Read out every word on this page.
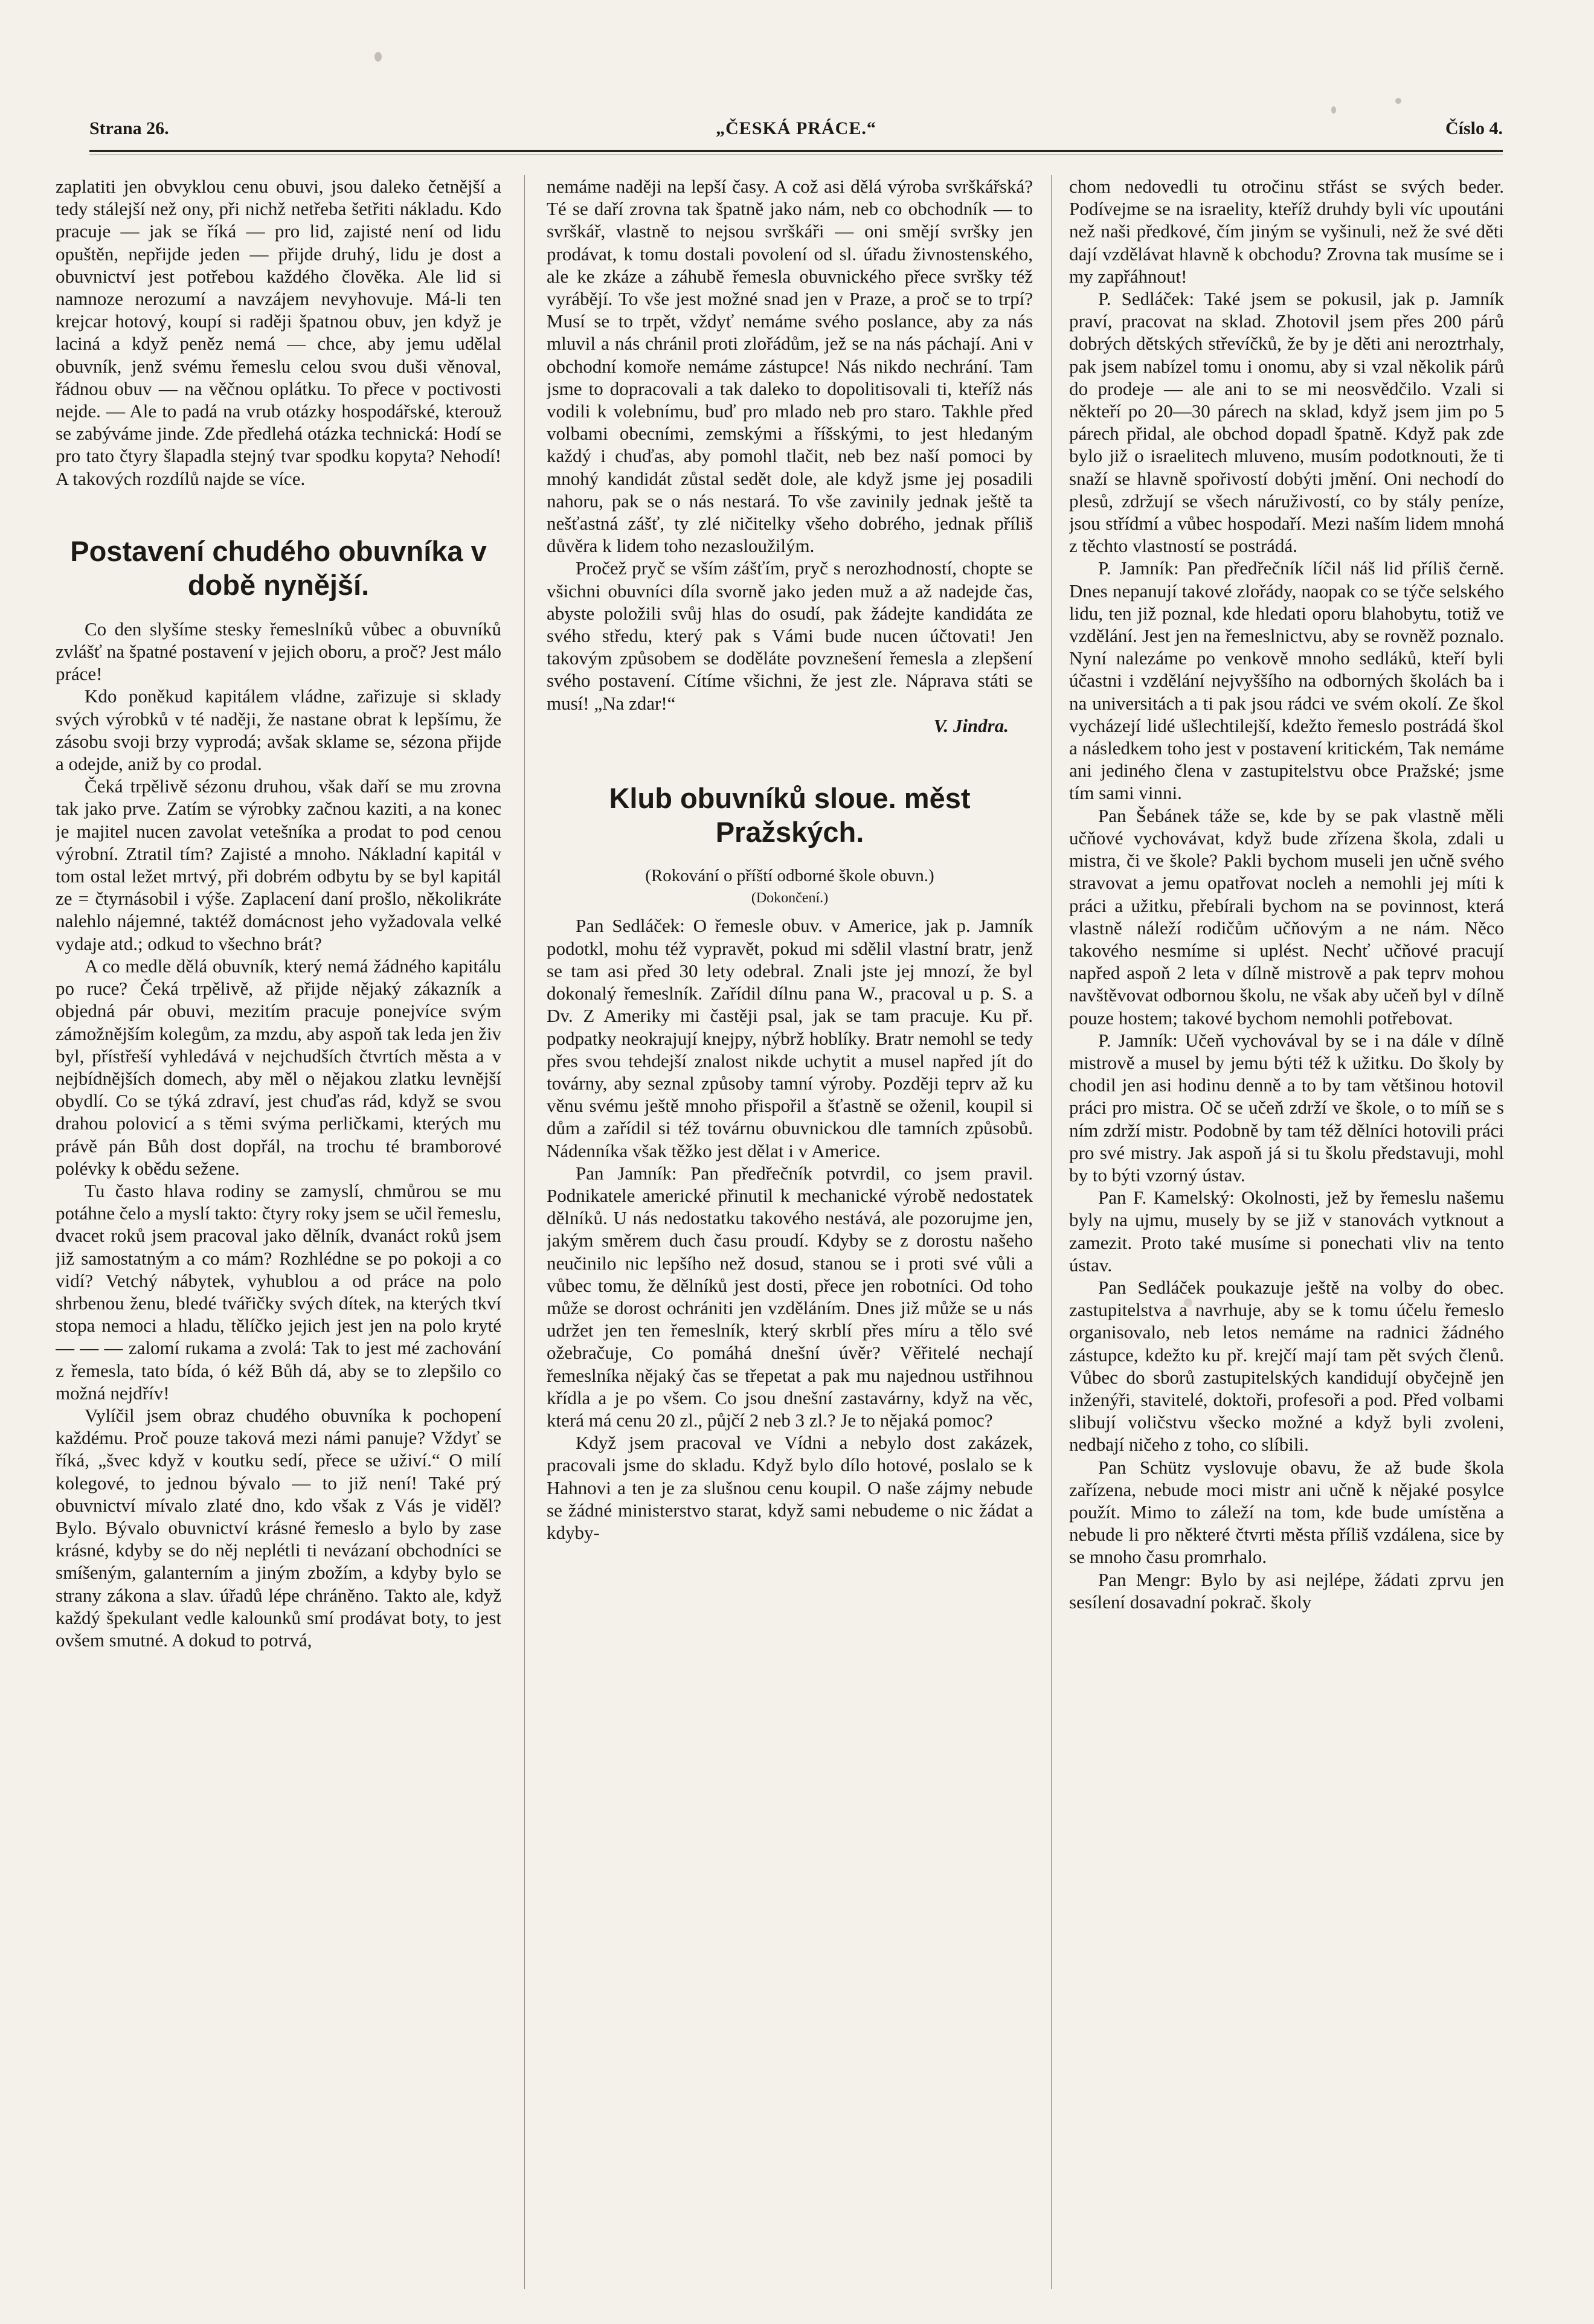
Strana 26.	„ČESKÁ PRÁCE.“	Číslo 4.

zaplatiti jen obvyklou cenu obuvi, jsou daleko četnější a tedy stálejší než ony, při nichž netřeba šetřiti nákladu. Kdo pracuje — jak se říká — pro lid, zajisté není od lidu opuštěn, nepřijde jeden — přijde druhý, lidu je dost a obuvnictví jest potřebou každého člověka. Ale lid si namnoze nerozumí a navzájem nevyhovuje. Má-li ten krejcar hotový, koupí si raději špatnou obuv, jen když je laciná a když peněz nemá — chce, aby jemu udělal obuvník, jenž svému řemeslu celou svou duši věnoval, řádnou obuv — na věčnou oplátku. To přece v poctivosti nejde. — Ale to padá na vrub otázky hospodářské, kterouž se zabýváme jinde. Zde předlehá otázka technická: Hodí se pro tato čtyry šlapadla stejný tvar spodku kopyta? Nehodí! A takových rozdílů najde se více.

Postavení chudého obuvníka v době nynější.

Co den slyšíme stesky řemeslníků vůbec a obuvníků zvlášť na špatné postavení v jejich oboru, a proč? Jest málo práce!

Kdo poněkud kapitálem vládne, zařizuje si sklady svých výrobků v té naději, že nastane obrat k lepšímu, že zásobu svoji brzy vyprodá; avšak sklame se, sézona přijde a odejde, aniž by co prodal.

Čeká trpělivě sézonu druhou, však daří se mu zrovna tak jako prve. Zatím se výrobky začnou kaziti, a na konec je majitel nucen zavolat vetešníka a prodat to pod cenou výrobní. Ztratil tím? Zajisté a mnoho. Nákladní kapitál v tom ostal ležet mrtvý, při dobrém odbytu by se byl kapitál ze = čtyrnásobil i výše. Zaplacení daní prošlo, několikráte nalehlo nájemné, taktéž domácnost jeho vyžadovala velké vydaje atd.; odkud to všechno brát?

A co medle dělá obuvník, který nemá žádného kapitálu po ruce? Čeká trpělivě, až přijde nějaký zákazník a objedná pár obuvi, mezitím pracuje ponejvíce svým zámožnějším kolegům, za mzdu, aby aspoň tak leda jen živ byl, přístřeší vyhledává v nejchudších čtvrtích města a v nejbídnějších domech, aby měl o nějakou zlatku levnější obydlí. Co se týká zdraví, jest chuďas rád, když se svou drahou polovicí a s těmi svýma perličkami, kterých mu právě pán Bůh dost dopřál, na trochu té bramborové polévky k obědu sežene.

Tu často hlava rodiny se zamyslí, chmůrou se mu potáhne čelo a myslí takto: čtyry roky jsem se učil řemeslu, dvacet roků jsem pracoval jako dělník, dvanáct roků jsem již samostatným a co mám? Rozhlédne se po pokoji a co vidí? Vetchý nábytek, vyhublou a od práce na polo shrbenou ženu, bledé tvářičky svých dítek, na kterých tkví stopa nemoci a hladu, tělíčko jejich jest jen na polo kryté — — — zalomí rukama a zvolá: Tak to jest mé zachování z řemesla, tato bída, ó kéž Bůh dá, aby se to zlepšilo co možná nejdřív!

Vylíčil jsem obraz chudého obuvníka k pochopení každému. Proč pouze taková mezi námi panuje? Vždyť se říká, „švec když v koutku sedí, přece se uživí.“ O milí kolegové, to jednou bývalo — to již není! Také prý obuvnictví mívalo zlaté dno, kdo však z Vás je viděl? Bylo. Bývalo obuvnictví krásné řemeslo a bylo by zase krásné, kdyby se do něj neplétli ti nevázaní obchodníci se smíšeným, galanterním a jiným zbožím, a kdyby bylo se strany zákona a slav. úřadů lépe chráněno. Takto ale, když každý špekulant vedle kalounků smí prodávat boty, to jest ovšem smutné. A dokud to potrvá,

nemáme naději na lepší časy. A což asi dělá výroba svrškářská? Té se daří zrovna tak špatně jako nám, neb co obchodník — to svrškář, vlastně to nejsou svrškáři — oni smějí svršky jen prodávat, k tomu dostali povolení od sl. úřadu živnostenského, ale ke zkáze a záhubě řemesla obuvnického přece svršky též vyrábějí. To vše jest možné snad jen v Praze, a proč se to trpí? Musí se to trpět, vždyť nemáme svého poslance, aby za nás mluvil a nás chránil proti zlořádům, jež se na nás páchají. Ani v obchodní komoře nemáme zástupce! Nás nikdo nechrání. Tam jsme to dopracovali a tak daleko to dopolitisovali ti, kteříž nás vodili k volebnímu, buď pro mlado neb pro staro. Takhle před volbami obecními, zemskými a říšskými, to jest hledaným každý i chuďas, aby pomohl tlačit, neb bez naší pomoci by mnohý kandidát zůstal sedět dole, ale když jsme jej posadili nahoru, pak se o nás nestará. To vše zavinily jednak ještě ta nešťastná zášť, ty zlé ničitelky všeho dobrého, jednak příliš důvěra k lidem toho nezasloužilým.

Pročež pryč se vším zášťím, pryč s nerozhodností, chopte se všichni obuvníci díla svorně jako jeden muž a až nadejde čas, abyste položili svůj hlas do osudí, pak žádejte kandidáta ze svého středu, který pak s Vámi bude nucen účtovati! Jen takovým způsobem se doděláte povznešení řemesla a zlepšení svého postavení. Cítíme všichni, že jest zle. Náprava státi se musí! „Na zdar!“

V. Jindra.

Klub obuvníků sloue. měst Pražských.

(Rokování o příští odborné škole obuvn.)

(Dokončení.)

Pan Sedláček: O řemesle obuv. v Americe, jak p. Jamník podotkl, mohu též vypravět, pokud mi sdělil vlastní bratr, jenž se tam asi před 30 lety odebral. Znali jste jej mnozí, že byl dokonalý řemeslník. Zařídil dílnu pana W., pracoval u p. S. a Dv. Z Ameriky mi častěji psal, jak se tam pracuje. Ku př. podpatky neokrajují knejpy, nýbrž hoblíky. Bratr nemohl se tedy přes svou tehdejší znalost nikde uchytit a musel napřed jít do továrny, aby seznal způsoby tamní výroby. Později teprv až ku věnu svému ještě mnoho přispořil a šťastně se oženil, koupil si dům a zařídil si též továrnu obuvnickou dle tamních způsobů. Nádenníka však těžko jest dělat i v Americe.

Pan Jamník: Pan předřečník potvrdil, co jsem pravil. Podnikatele americké přinutil k mechanické výrobě nedostatek dělníků. U nás nedostatku takového nestává, ale pozorujme jen, jakým směrem duch času proudí. Kdyby se z dorostu našeho neučinilo nic lepšího než dosud, stanou se i proti své vůli a vůbec tomu, že dělníků jest dosti, přece jen robotníci. Od toho může se dorost ochrániti jen vzděláním. Dnes již může se u nás udržet jen ten řemeslník, který skrblí přes míru a tělo své ožebračuje, Co pomáhá dnešní úvěr? Věřitelé nechají řemeslníka nějaký čas se třepetat a pak mu najednou ustřihnou křídla a je po všem. Co jsou dnešní zastavárny, když na věc, která má cenu 20 zl., půjčí 2 neb 3 zl.? Je to nějaká pomoc?

Když jsem pracoval ve Vídni a nebylo dost zakázek, pracovali jsme do skladu. Když bylo dílo hotové, poslalo se k Hahnovi a ten je za slušnou cenu koupil. O naše zájmy nebude se žádné ministerstvo starat, když sami nebudeme o nic žádat a kdyby-

chom nedovedli tu otročinu střást se svých beder. Podívejme se na israelity, kteříž druhdy byli víc upoutáni než naši předkové, čím jiným se vyšinuli, než že své děti dají vzdělávat hlavně k obchodu? Zrovna tak musíme se i my zapřáhnout!

P. Sedláček: Také jsem se pokusil, jak p. Jamník praví, pracovat na sklad. Zhotovil jsem přes 200 párů dobrých dětských střevíčků, že by je děti ani neroztrhaly, pak jsem nabízel tomu i onomu, aby si vzal několik párů do prodeje — ale ani to se mi neosvědčilo. Vzali si někteří po 20—30 párech na sklad, když jsem jim po 5 párech přidal, ale obchod dopadl špatně. Když pak zde bylo již o israelitech mluveno, musím podotknouti, že ti snaží se hlavně spořivostí dobýti jmění. Oni nechodí do plesů, zdržují se všech náruživostí, co by stály peníze, jsou střídmí a vůbec hospodaří. Mezi naším lidem mnohá z těchto vlastností se postrádá.

P. Jamník: Pan předřečník líčil náš lid příliš černě. Dnes nepanují takové zlořády, naopak co se týče selského lidu, ten již poznal, kde hledati oporu blahobytu, totiž ve vzdělání. Jest jen na řemeslnictvu, aby se rovněž poznalo. Nyní nalezáme po venkově mnoho sedláků, kteří byli účastni i vzdělání nejvyššího na odborných školách ba i na universitách a ti pak jsou rádci ve svém okolí. Ze škol vycházejí lidé ušlechtilejší, kdežto řemeslo postrádá škol a následkem toho jest v postavení kritickém, Tak nemáme ani jediného člena v zastupitelstvu obce Pražské; jsme tím sami vinni.

Pan Šebánek táže se, kde by se pak vlastně měli učňové vychovávat, když bude zřízena škola, zdali u mistra, či ve škole? Pakli bychom museli jen učně svého stravovat a jemu opatřovat nocleh a nemohli jej míti k práci a užitku, přebírali bychom na se povinnost, která vlastně náleží rodičům učňovým a ne nám. Něco takového nesmíme si uplést. Nechť učňové pracují napřed aspoň 2 leta v dílně mistrově a pak teprv mohou navštěvovat odbornou školu, ne však aby učeň byl v dílně pouze hostem; takové bychom nemohli potřebovat.

P. Jamník: Učeň vychovával by se i na dále v dílně mistrově a musel by jemu býti též k užitku. Do školy by chodil jen asi hodinu denně a to by tam většinou hotovil práci pro mistra. Oč se učeň zdrží ve škole, o to míň se s ním zdrží mistr. Podobně by tam též dělníci hotovili práci pro své mistry. Jak aspoň já si tu školu představuji, mohl by to býti vzorný ústav.

Pan F. Kamelský: Okolnosti, jež by řemeslu našemu byly na ujmu, musely by se již v stanovách vytknout a zamezit. Proto také musíme si ponechati vliv na tento ústav.

Pan Sedláček poukazuje ještě na volby do obec. zastupitelstva a navrhuje, aby se k tomu účelu řemeslo organisovalo, neb letos nemáme na radnici žádného zástupce, kdežto ku př. krejčí mají tam pět svých členů. Vůbec do sborů zastupitelských kandidují obyčejně jen inženýři, stavitelé, doktoři, profesoři a pod. Před volbami slibují voličstvu všecko možné a když byli zvoleni, nedbají ničeho z toho, co slíbili.

Pan Schütz vyslovuje obavu, že až bude škola zařízena, nebude moci mistr ani učně k nějaké posylce použít. Mimo to záleží na tom, kde bude umístěna a nebude li pro některé čtvrti města příliš vzdálena, sice by se mnoho času promrhalo.

Pan Mengr: Bylo by asi nejlépe, žádati zprvu jen sesílení dosavadní pokrač. školy
